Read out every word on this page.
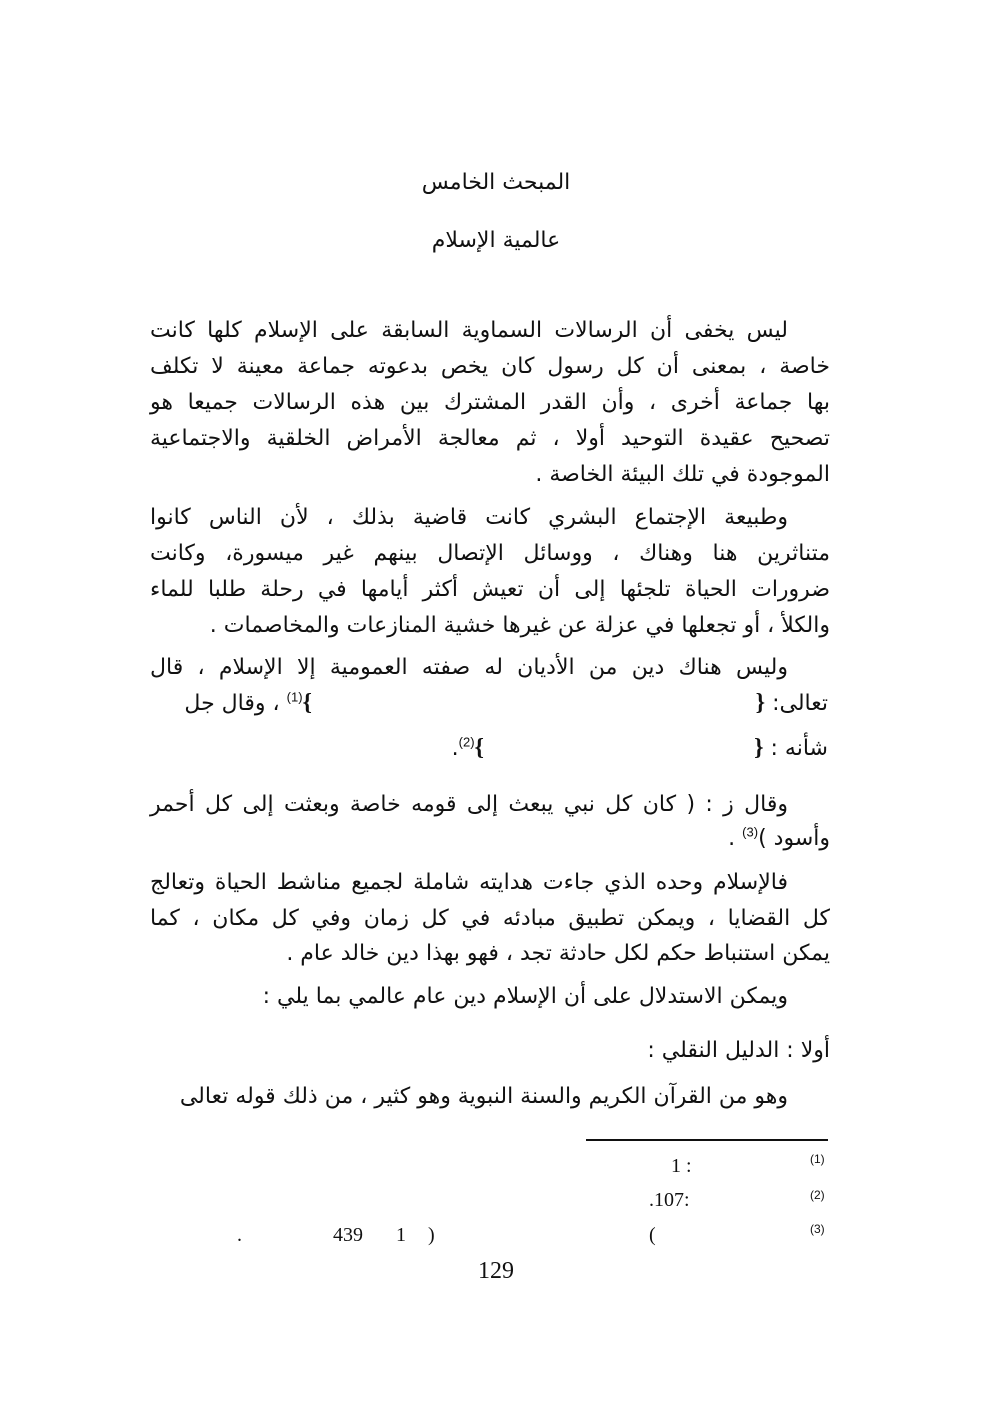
المبحث الخامس
عالمية الإسلام
ليس يخفى أن الرسالات السماوية السابقة على الإسلام كلها كانت
خاصة ، بمعنى أن كل رسول كان يخص بدعوته جماعة معينة لا تكلف
بها جماعة أخرى ، وأن القدر المشترك بين هذه الرسالات جميعا هو
تصحيح عقيدة التوحيد أولا ، ثم معالجة الأمراض الخلقية والاجتماعية
الموجودة في تلك البيئة الخاصة .
وطبيعة الإجتماع البشري كانت قاضية بذلك ، لأن الناس كانوا
متناثرين هنا وهناك ، ووسائل الإتصال بينهم غير ميسورة، وكانت
ضرورات الحياة تلجئها إلى أن تعيش أكثر أيامها في رحلة طلبا للماء
والكلأ ، أو تجعلها في عزلة عن غيرها خشية المنازعات والمخاصمات .
وليس هناك دين من الأديان له صفته العمومية إلا الإسلام ، قال
تعالى: {
}$^{(1)}$ ، وقال جل
شأنه : {
}$^{(2)}$.
وقال ز : ( كان كل نبي يبعث إلى قومه خاصة وبعثت إلى كل أحمر
وأسود )$^{(3)}$ .
فالإسلام وحده الذي جاءت هدايته شاملة لجميع مناشط الحياة وتعالج
كل القضايا ، ويمكن تطبيق مبادئه في كل زمان وفي كل مكان ، كما
يمكن استنباط حكم لكل حادثة تجد ، فهو بهذا دين خالد عام .
ويمكن الاستدلال على أن الإسلام دين عام عالمي بما يلي :
أولا : الدليل النقلي :
وهو من القرآن الكريم والسنة النبوية وهو كثير ، من ذلك قوله تعالى
(1)
1 :
(2)
.107:
(3)
(
1
439	)
.
129
